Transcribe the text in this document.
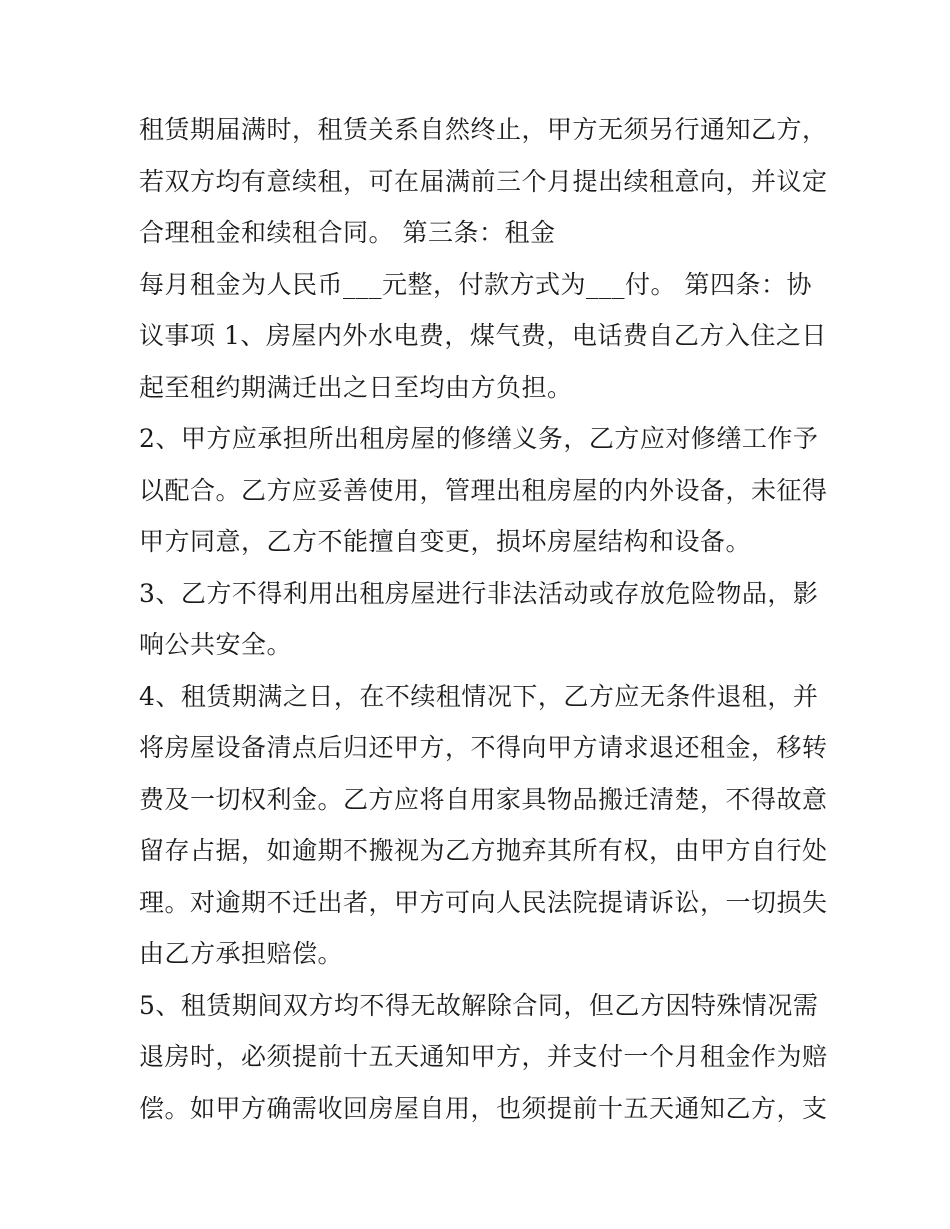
租赁期届满时，租赁关系自然终止，甲方无须另行通知乙方，
若双方均有意续租，可在届满前三个月提出续租意向，并议定
合理租金和续租合同。 第三条：租金
每月租金为人民币___元整，付款方式为___付。 第四条：协
议事项 1、房屋内外水电费，煤气费，电话费自乙方入住之日
起至租约期满迁出之日至均由方负担。
2、甲方应承担所出租房屋的修缮义务，乙方应对修缮工作予
以配合。乙方应妥善使用，管理出租房屋的内外设备，未征得
甲方同意，乙方不能擅自变更，损坏房屋结构和设备。
3、乙方不得利用出租房屋进行非法活动或存放危险物品，影
响公共安全。
4、租赁期满之日，在不续租情况下，乙方应无条件退租，并
将房屋设备清点后归还甲方，不得向甲方请求退还租金，移转
费及一切权利金。乙方应将自用家具物品搬迁清楚，不得故意
留存占据，如逾期不搬视为乙方抛弃其所有权，由甲方自行处
理。对逾期不迁出者，甲方可向人民法院提请诉讼，一切损失
由乙方承担赔偿。
5、租赁期间双方均不得无故解除合同，但乙方因特殊情况需
退房时，必须提前十五天通知甲方，并支付一个月租金作为赔
偿。如甲方确需收回房屋自用，也须提前十五天通知乙方，支
